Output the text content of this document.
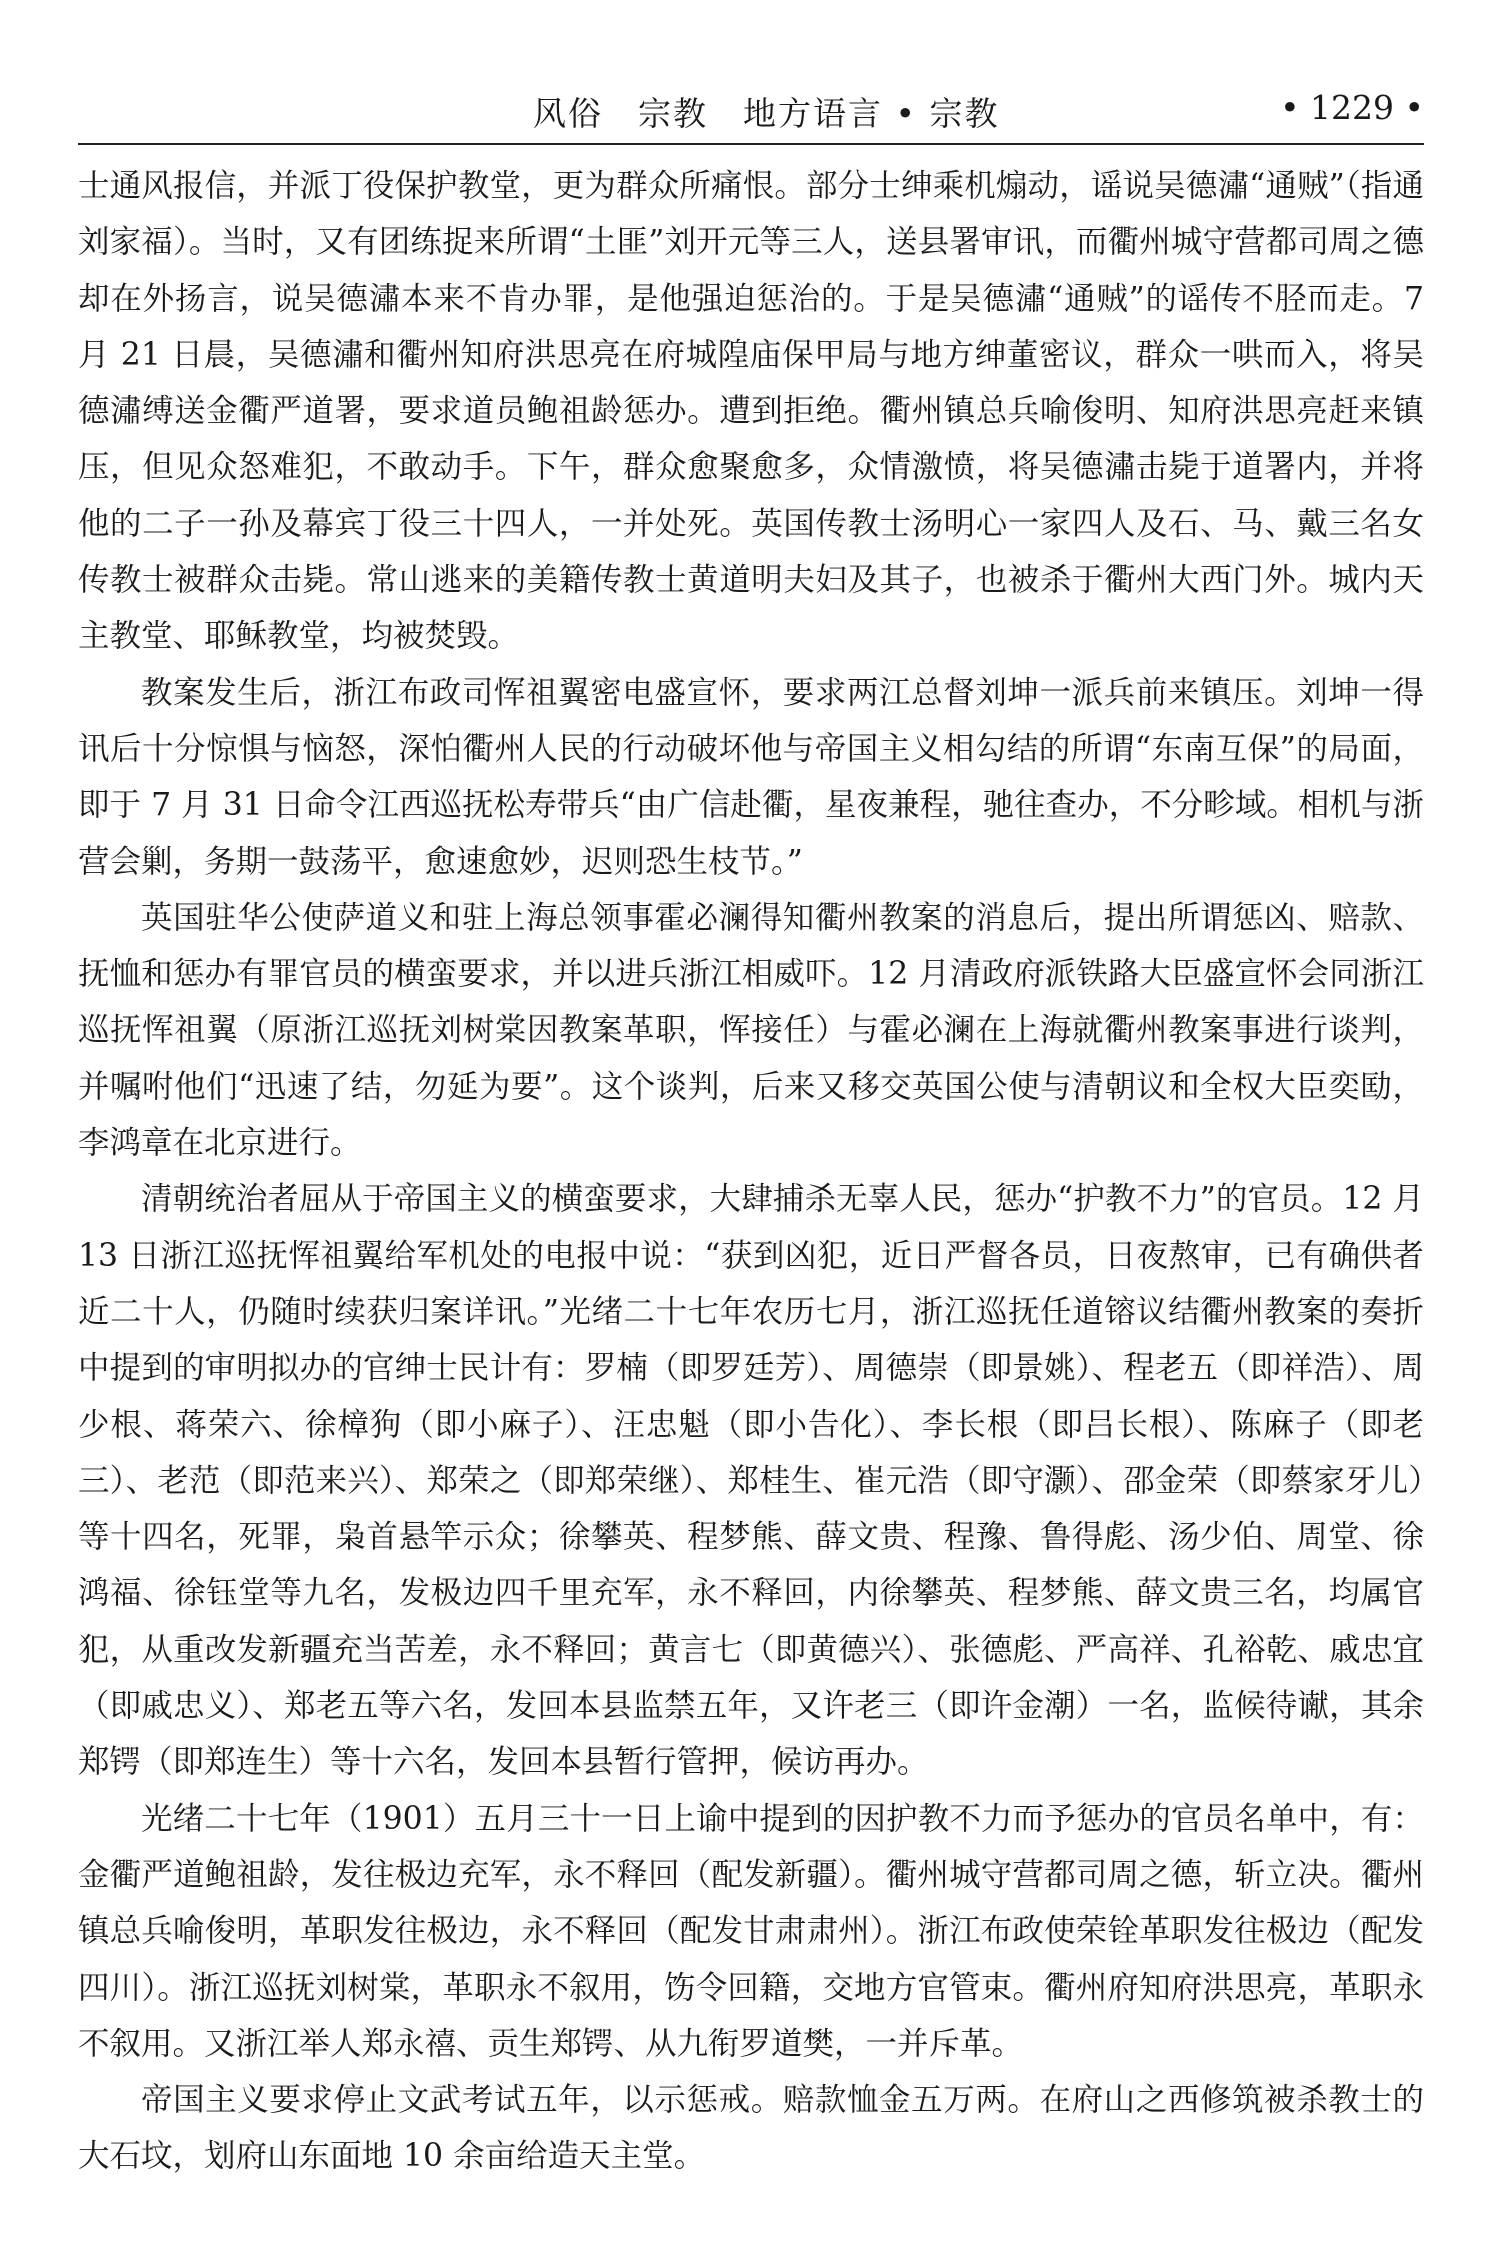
风俗　宗教　地方语言 • 宗教	• 1229 •

士通风报信，并派丁役保护教堂，更为群众所痛恨。部分士绅乘机煽动，谣说吴德潚“通贼”（指通刘家福）。当时，又有团练捉来所谓“土匪”刘开元等三人，送县署审讯，而衢州城守营都司周之德却在外扬言，说吴德潚本来不肯办罪，是他强迫惩治的。于是吴德潚“通贼”的谣传不胫而走。7 月 21 日晨，吴德潚和衢州知府洪思亮在府城隍庙保甲局与地方绅董密议，群众一哄而入，将吴德潚缚送金衢严道署，要求道员鲍祖龄惩办。遭到拒绝。衢州镇总兵喻俊明、知府洪思亮赶来镇压，但见众怒难犯，不敢动手。下午，群众愈聚愈多，众情激愤，将吴德潚击毙于道署内，并将他的二子一孙及幕宾丁役三十四人，一并处死。英国传教士汤明心一家四人及石、马、戴三名女传教士被群众击毙。常山逃来的美籍传教士黄道明夫妇及其子，也被杀于衢州大西门外。城内天主教堂、耶稣教堂，均被焚毁。

教案发生后，浙江布政司恽祖翼密电盛宣怀，要求两江总督刘坤一派兵前来镇压。刘坤一得讯后十分惊惧与恼怒，深怕衢州人民的行动破坏他与帝国主义相勾结的所谓“东南互保”的局面，即于 7 月 31 日命令江西巡抚松寿带兵“由广信赴衢，星夜兼程，驰往查办，不分畛域。相机与浙营会剿，务期一鼓荡平，愈速愈妙，迟则恐生枝节。”

英国驻华公使萨道义和驻上海总领事霍必澜得知衢州教案的消息后，提出所谓惩凶、赔款、抚恤和惩办有罪官员的横蛮要求，并以进兵浙江相威吓。12 月清政府派铁路大臣盛宣怀会同浙江巡抚恽祖翼（原浙江巡抚刘树棠因教案革职，恽接任）与霍必澜在上海就衢州教案事进行谈判，并嘱咐他们“迅速了结，勿延为要”。这个谈判，后来又移交英国公使与清朝议和全权大臣奕劻，李鸿章在北京进行。

清朝统治者屈从于帝国主义的横蛮要求，大肆捕杀无辜人民，惩办“护教不力”的官员。12 月 13 日浙江巡抚恽祖翼给军机处的电报中说：“获到凶犯，近日严督各员，日夜熬审，已有确供者近二十人，仍随时续获归案详讯。”光绪二十七年农历七月，浙江巡抚任道镕议结衢州教案的奏折中提到的审明拟办的官绅士民计有：罗楠（即罗廷芳）、周德崇（即景姚）、程老五（即祥浩）、周少根、蒋荣六、徐樟狗（即小麻子）、汪忠魁（即小告化）、李长根（即吕长根）、陈麻子（即老三）、老范（即范来兴）、郑荣之（即郑荣继）、郑桂生、崔元浩（即守灏）、邵金荣（即蔡家牙儿）等十四名，死罪，枭首悬竿示众；徐攀英、程梦熊、薛文贵、程豫、鲁得彪、汤少伯、周堂、徐鸿福、徐钰堂等九名，发极边四千里充军，永不释回，内徐攀英、程梦熊、薛文贵三名，均属官犯，从重改发新疆充当苦差，永不释回；黄言七（即黄德兴）、张德彪、严高祥、孔裕乾、戚忠宜（即戚忠义）、郑老五等六名，发回本县监禁五年，又许老三（即许金潮）一名，监候待谳，其余郑锷（即郑连生）等十六名，发回本县暂行管押，候访再办。

光绪二十七年（1901）五月三十一日上谕中提到的因护教不力而予惩办的官员名单中，有：金衢严道鲍祖龄，发往极边充军，永不释回（配发新疆）。衢州城守营都司周之德，斩立决。衢州镇总兵喻俊明，革职发往极边，永不释回（配发甘肃肃州）。浙江布政使荣铨革职发往极边（配发四川）。浙江巡抚刘树棠，革职永不叙用，饬令回籍，交地方官管束。衢州府知府洪思亮，革职永不叙用。又浙江举人郑永禧、贡生郑锷、从九衔罗道樊，一并斥革。

帝国主义要求停止文武考试五年，以示惩戒。赔款恤金五万两。在府山之西修筑被杀教士的大石坟，划府山东面地 10 余亩给造天主堂。
